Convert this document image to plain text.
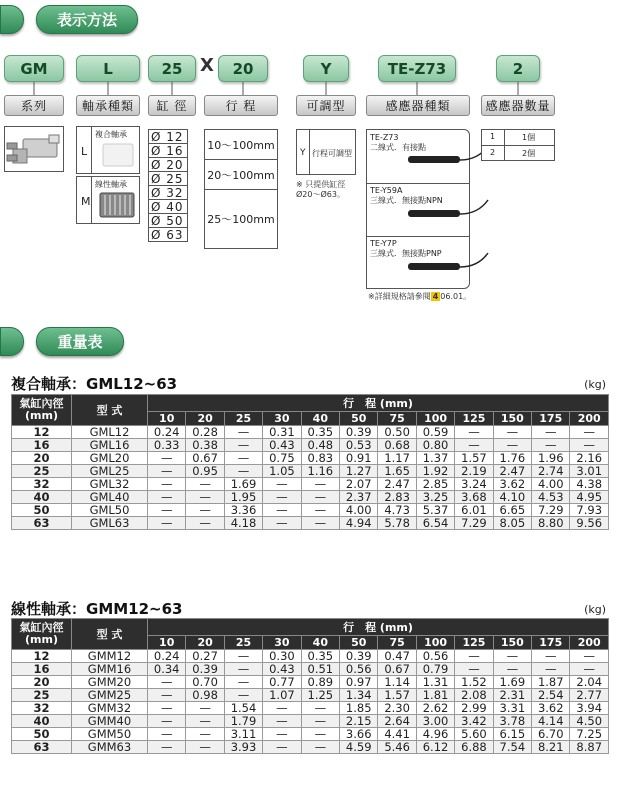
表示方法
GM	L	25 X 20	Y	TE-Z73	2
系列	軸承種類 缸 徑	行 程	可調型	感應器種類	感應器數量
L
複合軸承
M
線性軸承
Ø 12
Ø 16
Ø 20
Ø 25
Ø 32
Ø 40
Ø 50
Ø 63
10～100mm
20～100mm
25～100mm
Y 行程可調型
※ 只提供缸徑Ø20～Ø63。
TE-Z73
二線式．有接點
TE-Y59A
三線式．無接點NPN
TE-Y7P
三線式．無接點PNP
※詳細規格請參閱 4 06.01。
1	1個
2	2個
重量表
複合軸承：GML12~63	(kg)
氣缸內徑
(mm)	型 式	行　程 (mm)											
		10	20	25	30	40	50	75	100	125	150	175	200
12	GML12	0.24	0.28	—	0.31	0.35	0.39	0.50	0.59	—	—	—	—
16	GML16	0.33	0.38	—	0.43	0.48	0.53	0.68	0.80	—	—	—	—
20	GML20	—	0.67	—	0.75	0.83	0.91	1.17	1.37	1.57	1.76	1.96	2.16
25	GML25	—	0.95	—	1.05	1.16	1.27	1.65	1.92	2.19	2.47	2.74	3.01
32	GML32	—	—	1.69	—	—	2.07	2.47	2.85	3.24	3.62	4.00	4.38
40	GML40	—	—	1.95	—	—	2.37	2.83	3.25	3.68	4.10	4.53	4.95
50	GML50	—	—	3.36	—	—	4.00	4.73	5.37	6.01	6.65	7.29	7.93
63	GML63	—	—	4.18	—	—	4.94	5.78	6.54	7.29	8.05	8.80	9.56
線性軸承：GMM12~63	(kg)
氣缸內徑
(mm)	型 式	行　程 (mm)											
		10	20	25	30	40	50	75	100	125	150	175	200
12	GMM12	0.24	0.27	—	0.30	0.35	0.39	0.47	0.56	—	—	—	—
16	GMM16	0.34	0.39	—	0.43	0.51	0.56	0.67	0.79	—	—	—	—
20	GMM20	—	0.70	—	0.77	0.89	0.97	1.14	1.31	1.52	1.69	1.87	2.04
25	GMM25	—	0.98	—	1.07	1.25	1.34	1.57	1.81	2.08	2.31	2.54	2.77
32	GMM32	—	—	1.54	—	—	1.85	2.30	2.62	2.99	3.31	3.62	3.94
40	GMM40	—	—	1.79	—	—	2.15	2.64	3.00	3.42	3.78	4.14	4.50
50	GMM50	—	—	3.11	—	—	3.66	4.41	4.96	5.60	6.15	6.70	7.25
63	GMM63	—	—	3.93	—	—	4.59	5.46	6.12	6.88	7.54	8.21	8.87
